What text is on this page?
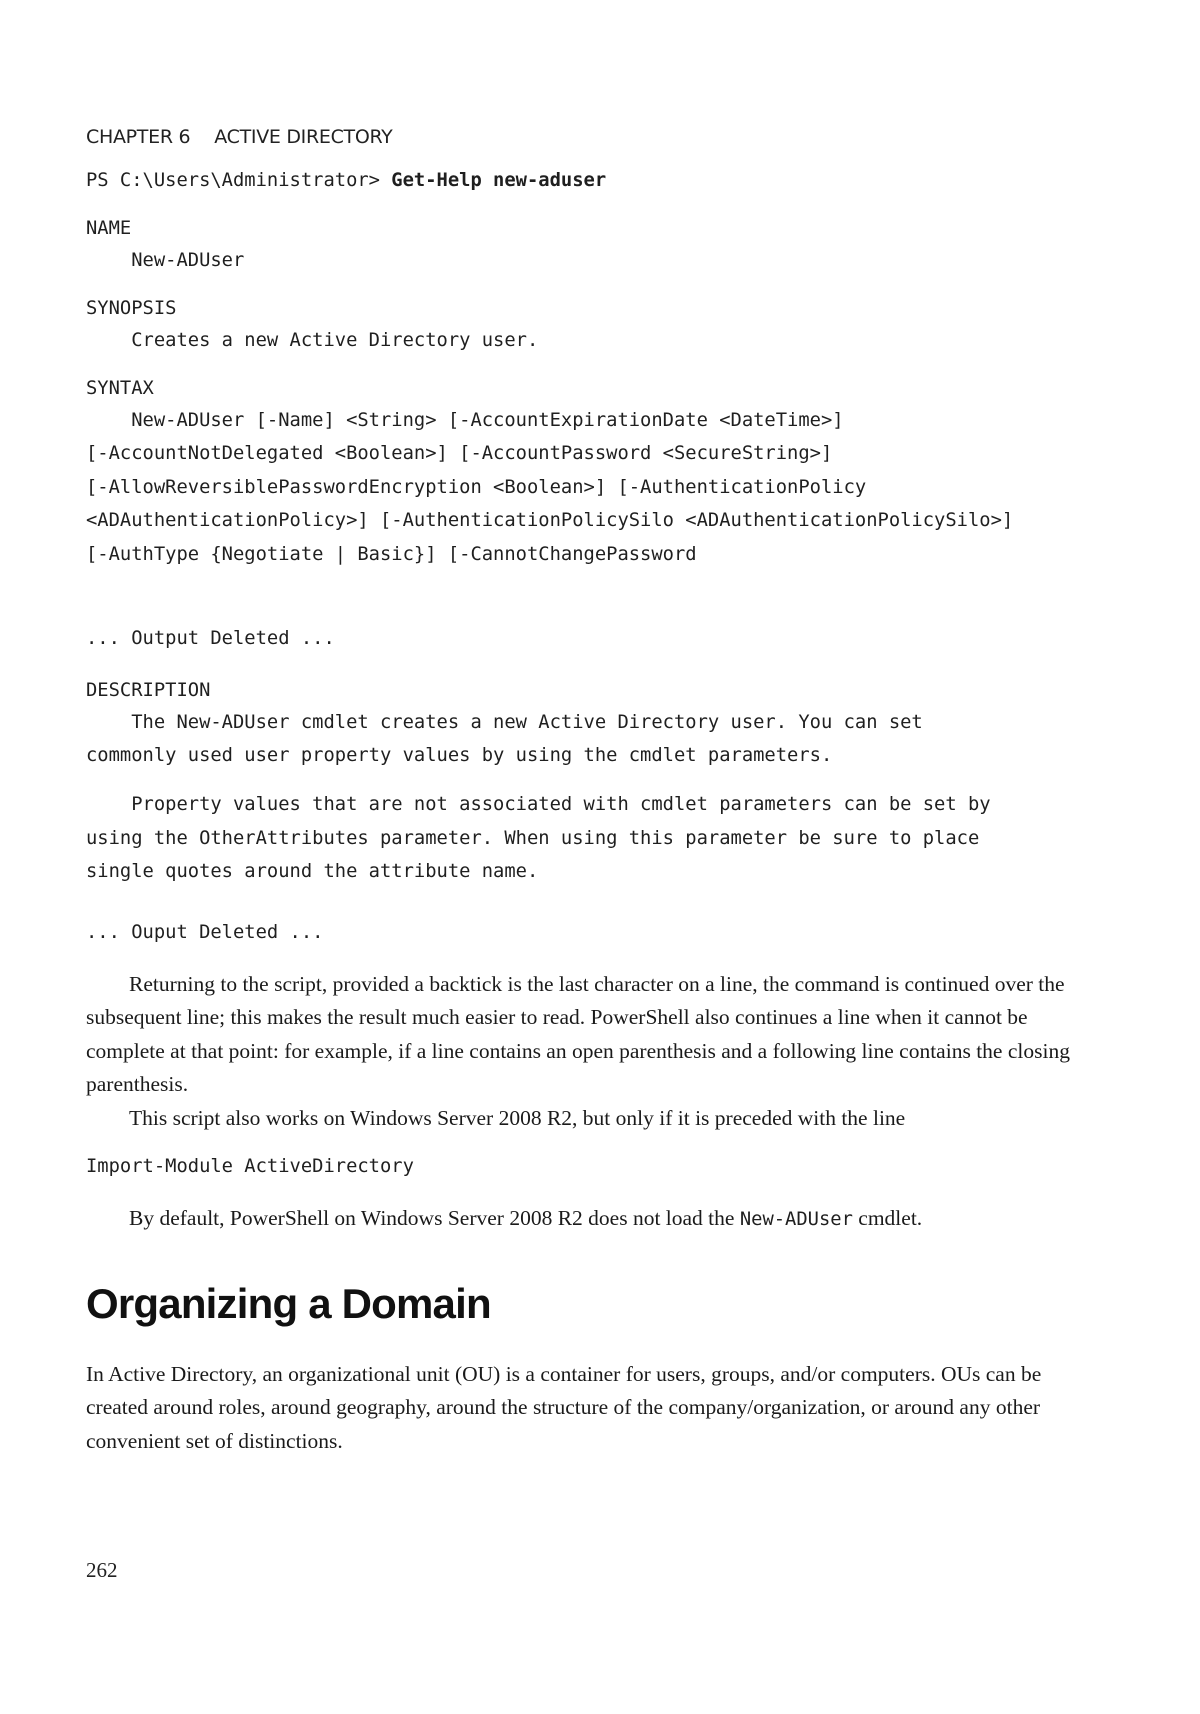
CHAPTER 6 ACTIVE DIRECTORY
PS C:\Users\Administrator> Get-Help new-aduser
NAME
New-ADUser
SYNOPSIS
Creates a new Active Directory user.
SYNTAX
New-ADUser [-Name] <String> [-AccountExpirationDate <DateTime>]
[-AccountNotDelegated <Boolean>] [-AccountPassword <SecureString>]
[-AllowReversiblePasswordEncryption <Boolean>] [-AuthenticationPolicy
<ADAuthenticationPolicy>] [-AuthenticationPolicySilo <ADAuthenticationPolicySilo>]
[-AuthType {Negotiate | Basic}] [-CannotChangePassword
... Output Deleted ...
DESCRIPTION
The New-ADUser cmdlet creates a new Active Directory user. You can set
commonly used user property values by using the cmdlet parameters.
Property values that are not associated with cmdlet parameters can be set by
using the OtherAttributes parameter. When using this parameter be sure to place
single quotes around the attribute name.
... Ouput Deleted ...

Returning to the script, provided a backtick is the last character on a line, the command is continued over the subsequent line; this makes the result much easier to read. PowerShell also continues a line when it cannot be complete at that point: for example, if a line contains an open parenthesis and a following line contains the closing parenthesis.

This script also works on Windows Server 2008 R2, but only if it is preceded with the line

Import-Module ActiveDirectory

By default, PowerShell on Windows Server 2008 R2 does not load the New-ADUser cmdlet.

Organizing a Domain

In Active Directory, an organizational unit (OU) is a container for users, groups, and/or computers. OUs can be created around roles, around geography, around the structure of the company/organization, or around any other convenient set of distinctions.

262
